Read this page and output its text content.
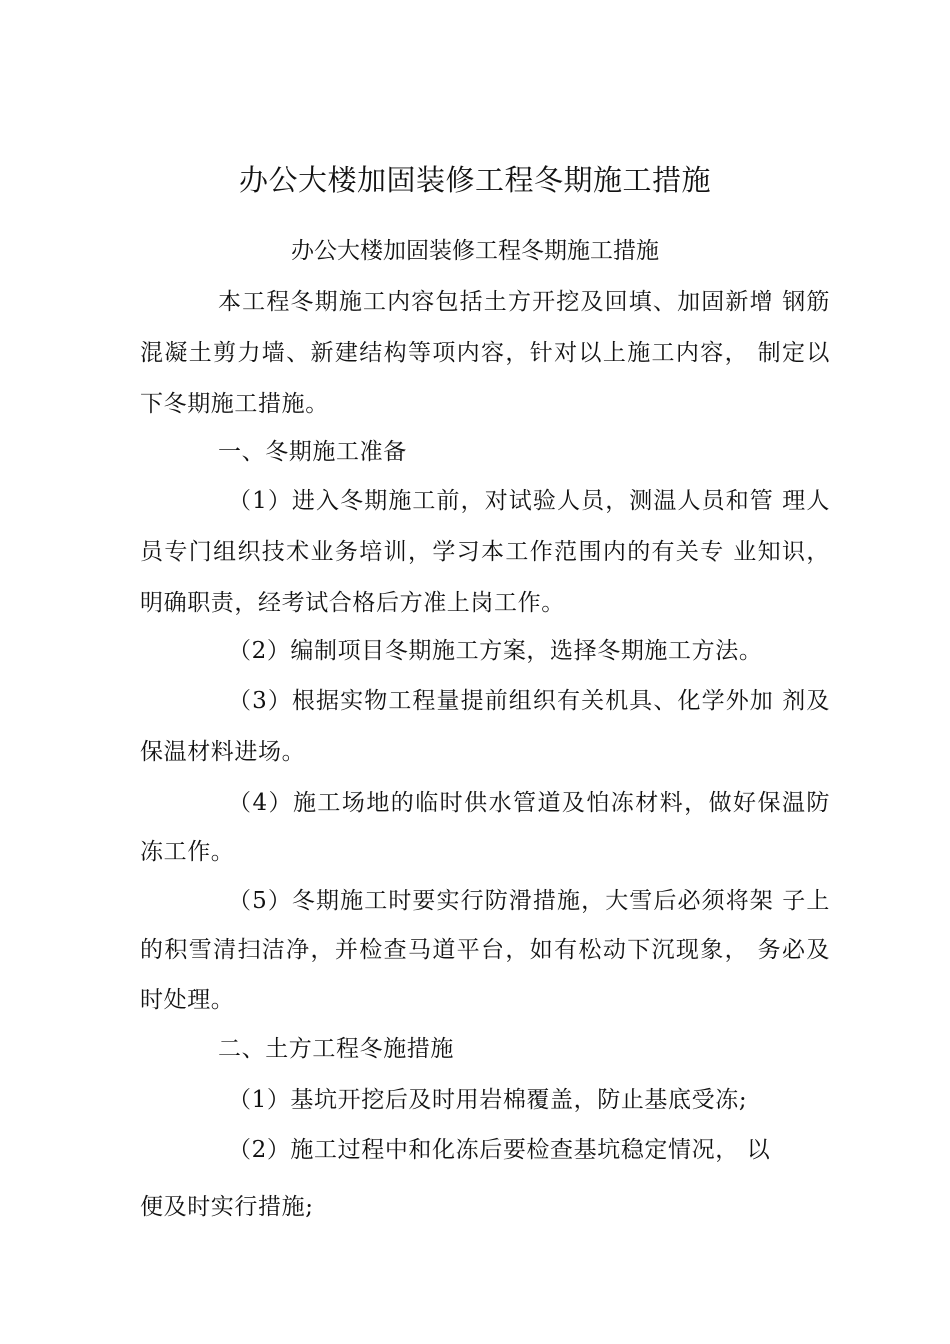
办公大楼加固装修工程冬期施工措施
办公大楼加固装修工程冬期施工措施
本工程冬期施工内容包括土方开挖及回填、加固新增 钢筋
混凝土剪力墙、新建结构等项内容，针对以上施工内容， 制定以
下冬期施工措施。
一、冬期施工准备
（1）进入冬期施工前，对试验人员，测温人员和管 理人
员专门组织技术业务培训，学习本工作范围内的有关专 业知识，
明确职责，经考试合格后方准上岗工作。
（2）编制项目冬期施工方案，选择冬期施工方法。
（3）根据实物工程量提前组织有关机具、化学外加 剂及
保温材料进场。
（4）施工场地的临时供水管道及怕冻材料，做好保温防
冻工作。
（5）冬期施工时要实行防滑措施，大雪后必须将架 子上
的积雪清扫洁净，并检查马道平台，如有松动下沉现象， 务必及
时处理。
二、土方工程冬施措施
（1）基坑开挖后及时用岩棉覆盖，防止基底受冻;
（2）施工过程中和化冻后要检查基坑稳定情况， 以
便及时实行措施;
